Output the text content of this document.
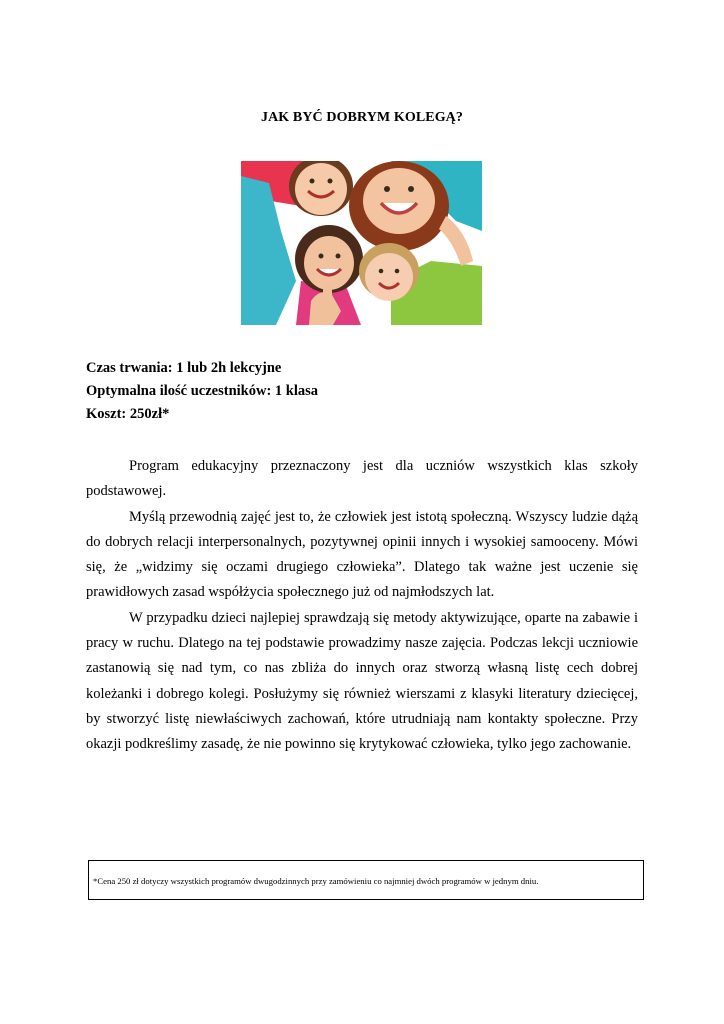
JAK BYĆ DOBRYM KOLEGĄ?
Czas trwania: 1 lub 2h lekcyjne
Optymalna ilość uczestników: 1 klasa
Koszt: 250zł*

Program edukacyjny przeznaczony jest dla uczniów wszystkich klas szkoły podstawowej.

Myślą przewodnią zajęć jest to, że człowiek jest istotą społeczną. Wszyscy ludzie dążą do dobrych relacji interpersonalnych, pozytywnej opinii innych i wysokiej samooceny. Mówi się, że „widzimy się oczami drugiego człowieka”. Dlatego tak ważne jest uczenie się prawidłowych zasad współżycia społecznego już od najmłodszych lat.

W przypadku dzieci najlepiej sprawdzają się metody aktywizujące, oparte na zabawie i pracy w ruchu. Dlatego na tej podstawie prowadzimy nasze zajęcia. Podczas lekcji uczniowie zastanowią się nad tym, co nas zbliża do innych oraz stworzą własną listę cech dobrej koleżanki i dobrego kolegi. Posłużymy się również wierszami z klasyki literatury dziecięcej, by stworzyć listę niewłaściwych zachowań, które utrudniają nam kontakty społeczne. Przy okazji podkreślimy zasadę, że nie powinno się krytykować człowieka, tylko jego zachowanie.

*Cena 250 zł dotyczy wszystkich programów dwugodzinnych przy zamówieniu co najmniej dwóch programów w jednym dniu.
